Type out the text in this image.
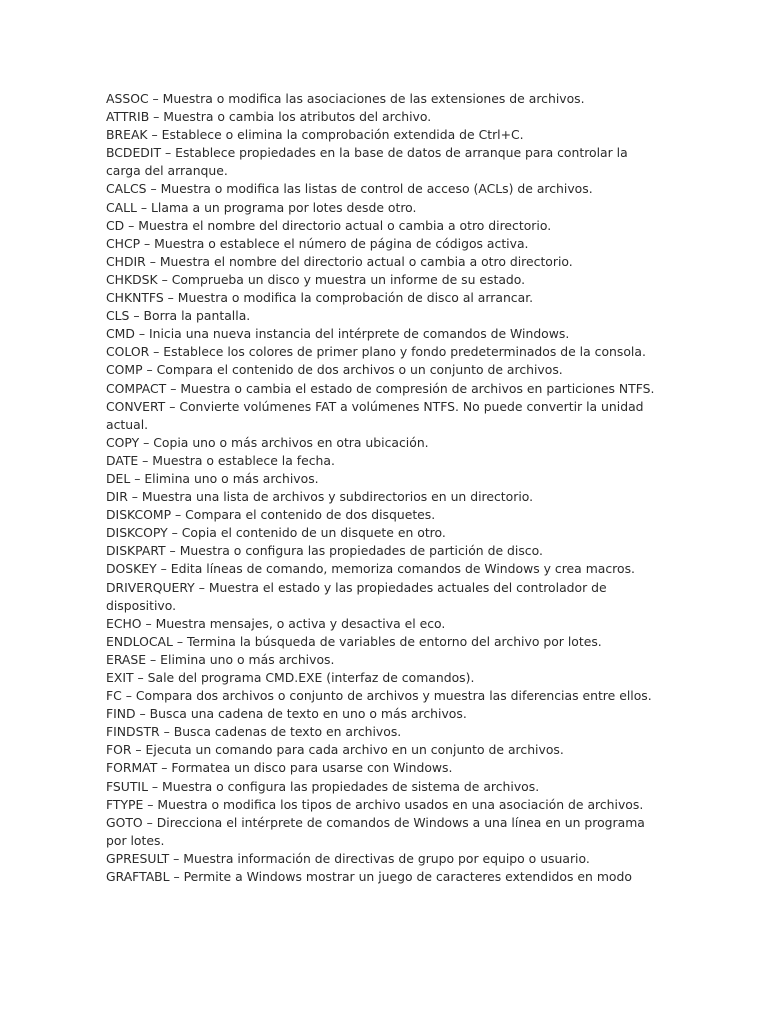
ASSOC – Muestra o modifica las asociaciones de las extensiones de archivos.
ATTRIB – Muestra o cambia los atributos del archivo.
BREAK – Establece o elimina la comprobación extendida de Ctrl+C.
BCDEDIT – Establece propiedades en la base de datos de arranque para controlar la carga del arranque.
CALCS – Muestra o modifica las listas de control de acceso (ACLs) de archivos.
CALL – Llama a un programa por lotes desde otro.
CD – Muestra el nombre del directorio actual o cambia a otro directorio.
CHCP – Muestra o establece el número de página de códigos activa.
CHDIR – Muestra el nombre del directorio actual o cambia a otro directorio.
CHKDSK – Comprueba un disco y muestra un informe de su estado.
CHKNTFS – Muestra o modifica la comprobación de disco al arrancar.
CLS – Borra la pantalla.
CMD – Inicia una nueva instancia del intérprete de comandos de Windows.
COLOR – Establece los colores de primer plano y fondo predeterminados de la consola.
COMP – Compara el contenido de dos archivos o un conjunto de archivos.
COMPACT – Muestra o cambia el estado de compresión de archivos en particiones NTFS.
CONVERT – Convierte volúmenes FAT a volúmenes NTFS. No puede convertir la unidad actual.
COPY – Copia uno o más archivos en otra ubicación.
DATE – Muestra o establece la fecha.
DEL – Elimina uno o más archivos.
DIR – Muestra una lista de archivos y subdirectorios en un directorio.
DISKCOMP – Compara el contenido de dos disquetes.
DISKCOPY – Copia el contenido de un disquete en otro.
DISKPART – Muestra o configura las propiedades de partición de disco.
DOSKEY – Edita líneas de comando, memoriza comandos de Windows y crea macros.
DRIVERQUERY – Muestra el estado y las propiedades actuales del controlador de dispositivo.
ECHO – Muestra mensajes, o activa y desactiva el eco.
ENDLOCAL – Termina la búsqueda de variables de entorno del archivo por lotes.
ERASE – Elimina uno o más archivos.
EXIT – Sale del programa CMD.EXE (interfaz de comandos).
FC – Compara dos archivos o conjunto de archivos y muestra las diferencias entre ellos.
FIND – Busca una cadena de texto en uno o más archivos.
FINDSTR – Busca cadenas de texto en archivos.
FOR – Ejecuta un comando para cada archivo en un conjunto de archivos.
FORMAT – Formatea un disco para usarse con Windows.
FSUTIL – Muestra o configura las propiedades de sistema de archivos.
FTYPE – Muestra o modifica los tipos de archivo usados en una asociación de archivos.
GOTO – Direcciona el intérprete de comandos de Windows a una línea en un programa por lotes.
GPRESULT – Muestra información de directivas de grupo por equipo o usuario.
GRAFTABL – Permite a Windows mostrar un juego de caracteres extendidos en modo
